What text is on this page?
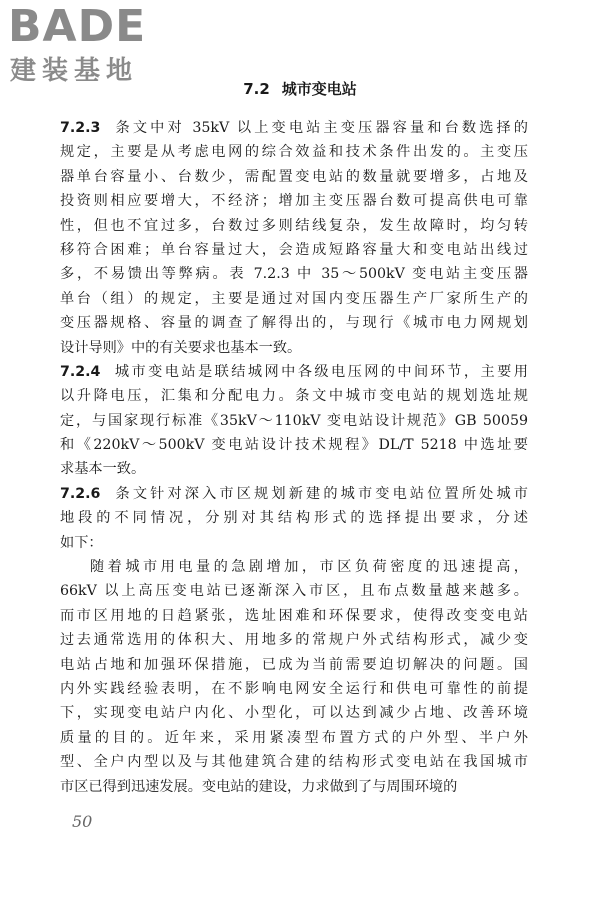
BADE
建装基地
7.2 城市变电站
7.2.3 条文中对 35kV 以上变电站主变压器容量和台数选择的
规定，主要是从考虑电网的综合效益和技术条件出发的。主变压
器单台容量小、台数少，需配置变电站的数量就要增多，占地及
投资则相应要增大，不经济；增加主变压器台数可提高供电可靠
性，但也不宜过多，台数过多则结线复杂，发生故障时，均匀转
移符合困难；单台容量过大，会造成短路容量大和变电站出线过
多，不易馈出等弊病。表 7.2.3 中 35～500kV 变电站主变压器
单台（组）的规定，主要是通过对国内变压器生产厂家所生产的
变压器规格、容量的调查了解得出的，与现行《城市电力网规划
设计导则》中的有关要求也基本一致。
7.2.4 城市变电站是联结城网中各级电压网的中间环节，主要用
以升降电压，汇集和分配电力。条文中城市变电站的规划选址规
定，与国家现行标准《35kV～110kV 变电站设计规范》GB 50059
和《220kV～500kV 变电站设计技术规程》DL/T 5218 中选址要
求基本一致。
7.2.6 条文针对深入市区规划新建的城市变电站位置所处城市
地段的不同情况，分别对其结构形式的选择提出要求，分述
如下：
随着城市用电量的急剧增加，市区负荷密度的迅速提高，
66kV 以上高压变电站已逐渐深入市区，且布点数量越来越多。
而市区用地的日趋紧张，选址困难和环保要求，使得改变变电站
过去通常选用的体积大、用地多的常规户外式结构形式，减少变
电站占地和加强环保措施，已成为当前需要迫切解决的问题。国
内外实践经验表明，在不影响电网安全运行和供电可靠性的前提
下，实现变电站户内化、小型化，可以达到减少占地、改善环境
质量的目的。近年来，采用紧凑型布置方式的户外型、半户外
型、全户内型以及与其他建筑合建的结构形式变电站在我国城市
市区已得到迅速发展。变电站的建设，力求做到了与周围环境的
50
